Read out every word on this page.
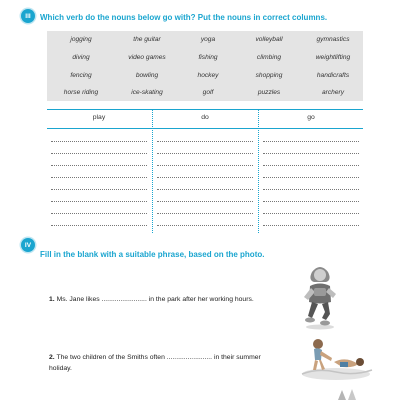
III	Which verb do the nouns below go with? Put the nouns in correct columns.
jogging	the guitar	yoga	volleyball	gymnastics
diving	video games	fishing	climbing	weightlifting
fencing	bowling	hockey	shopping	handicrafts
horse riding	ice-skating	golf	puzzles	archery
play	do	go
IV
Fill in the blank with a suitable phrase, based on the photo.
1. Ms. Jane likes ........................ in the park after her working hours.
2. The two children of the Smiths often ........................ in their summer
holiday.
